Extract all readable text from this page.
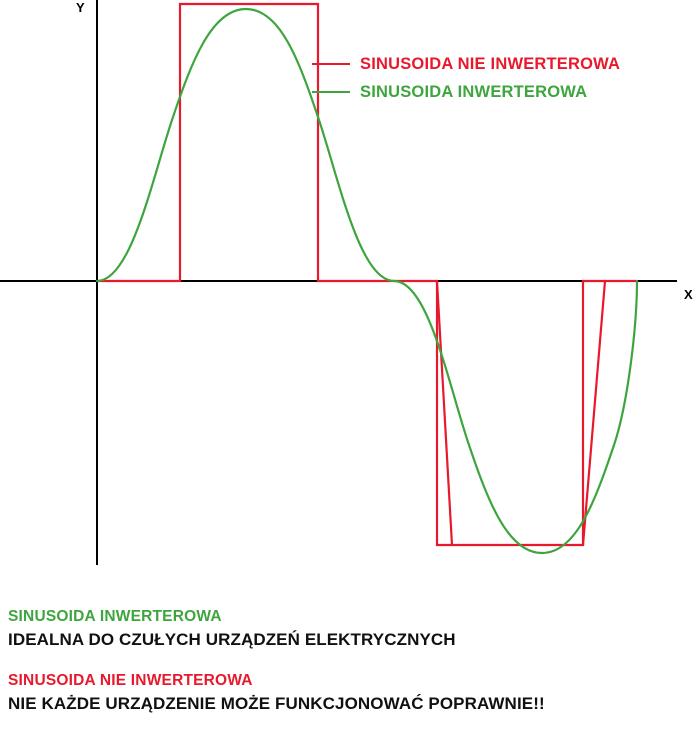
Y
X
SINUSOIDA NIE INWERTEROWA
SINUSOIDA INWERTEROWA
SINUSOIDA INWERTEROWA
IDEALNA DO CZUŁYCH URZĄDZEŃ ELEKTRYCZNYCH
SINUSOIDA NIE INWERTEROWA
NIE KAŻDE URZĄDZENIE MOŻE FUNKCJONOWAĆ POPRAWNIE!!
